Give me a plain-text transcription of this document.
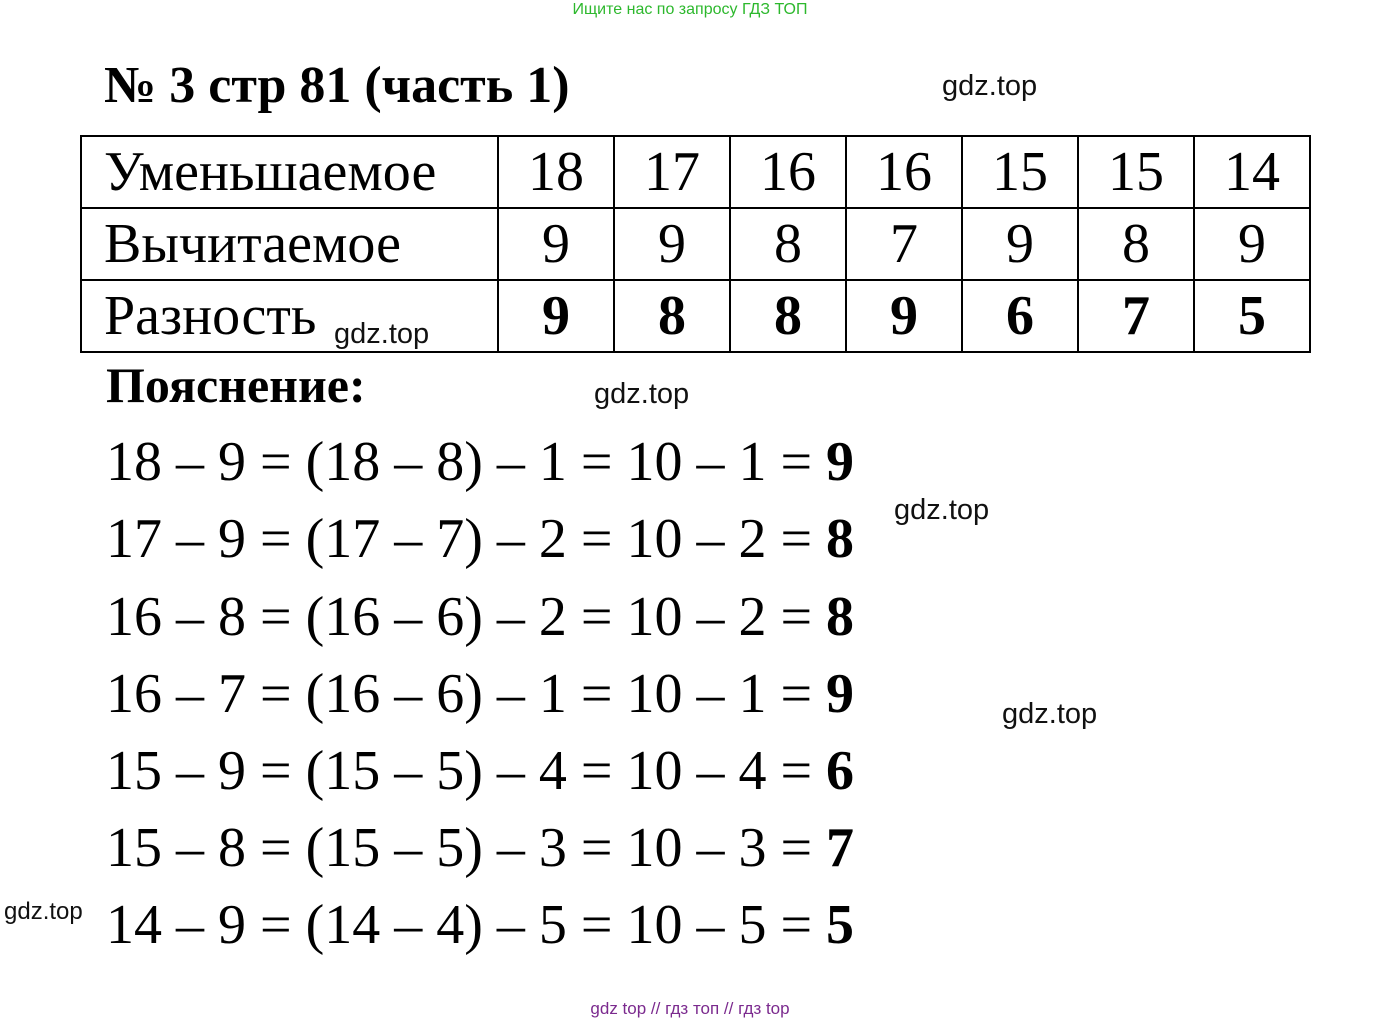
Ищите нас по запросу ГДЗ ТОП
№ 3 стр 81 (часть 1)	gdz.top
gdz.top
gdz.top
gdz.top
gdz.top
gdz.top
Уменьшаемое	18	17	16	16	15	15	14
Вычитаемое	9	9	8	7	9	8	9
Разность	9	8	8	9	6	7	5
Пояснение:
18 – 9 = (18 – 8) – 1 = 10 – 1 = 9
17 – 9 = (17 – 7) – 2 = 10 – 2 = 8
16 – 8 = (16 – 6) – 2 = 10 – 2 = 8
16 – 7 = (16 – 6) – 1 = 10 – 1 = 9
15 – 9 = (15 – 5) – 4 = 10 – 4 = 6
15 – 8 = (15 – 5) – 3 = 10 – 3 = 7
14 – 9 = (14 – 4) – 5 = 10 – 5 = 5
gdz top // гдз топ // гдз top
